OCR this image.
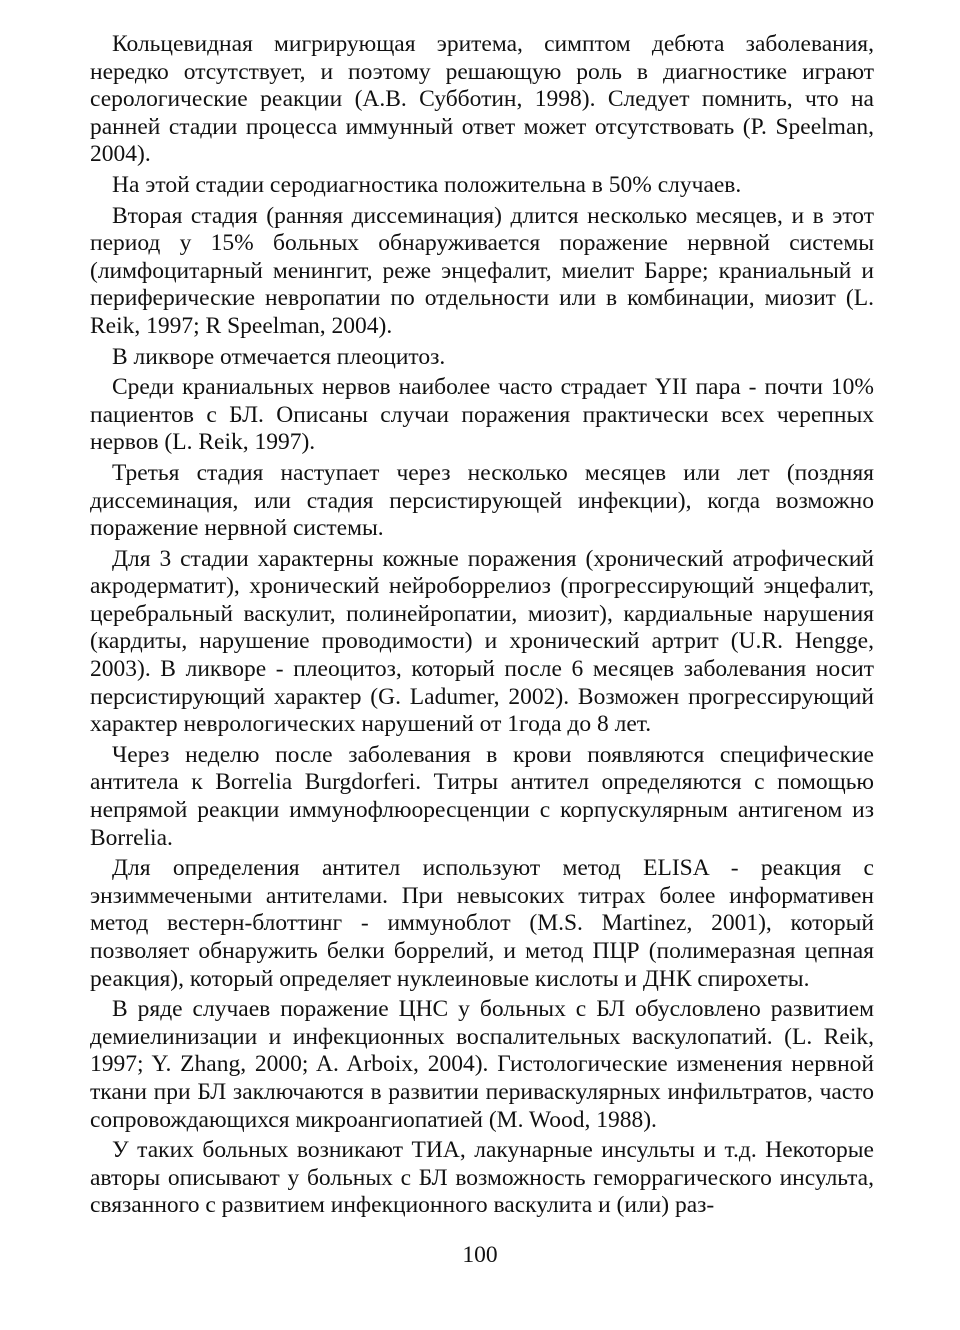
Кольцевидная мигрирующая эритема, симптом дебюта заболевания, нередко отсутствует, и поэтому решающую роль в диагностике играют серологические реакции (А.В. Субботин, 1998). Следует помнить, что на ранней стадии процесса иммунный ответ может отсутствовать (P. Speelman, 2004).

На этой стадии серодиагностика положительна в 50% случаев.

Вторая стадия (ранняя диссеминация) длится несколько месяцев, и в этот период у 15% больных обнаруживается поражение нервной системы (лимфоцитарный менингит, реже энцефалит, миелит Барре; краниальный и периферические невропатии по отдельности или в комбинации, миозит (L. Reik, 1997; R Speelman, 2004).

В ликворе отмечается плеоцитоз.

Среди краниальных нервов наиболее часто страдает YII пара - почти 10% пациентов с БЛ. Описаны случаи поражения практически всех черепных нервов (L. Reik, 1997).

Третья стадия наступает через несколько месяцев или лет (поздняя диссеминация, или стадия персистирующей инфекции), когда возможно поражение нервной системы.

Для 3 стадии характерны кожные поражения (хронический атрофический акродерматит), хронический нейроборрелиоз (прогрессирующий энцефалит, церебральный васкулит, полинейропатии, миозит), кардиальные нарушения (кардиты, нарушение проводимости) и хронический артрит (U.R. Hengge, 2003). В ликворе - плеоцитоз, который после 6 месяцев заболевания носит персистирующий характер (G. Ladumer, 2002). Возможен прогрессирующий характер неврологических нарушений от 1года до 8 лет.

Через неделю после заболевания в крови появляются специфические антитела к Borrelia Burgdorferi. Титры антител определяются с помощью непрямой реакции иммунофлюоресценции с корпускулярным антигеном из Borrelia.

Для определения антител используют метод ELISA - реакция с энзиммечеными антителами. При невысоких титрах более информативен метод вестерн-блоттинг - иммуноблот (M.S. Martinez, 2001), который позволяет обнаружить белки боррелий, и метод ПЦР (полимеразная цепная реакция), который определяет нуклеиновые кислоты и ДНК спирохеты.

В ряде случаев поражение ЦНС у больных с БЛ обусловлено развитием демиелинизации и инфекционных воспалительных васкулопатий. (L. Reik, 1997; Y. Zhang, 2000; A. Arboix, 2004). Гистологические изменения нервной ткани при БЛ заключаются в развитии периваскулярных инфильтратов, часто сопровождающихся микроангиопатией (M. Wood, 1988).

У таких больных возникают ТИА, лакунарные инсульты и т.д. Некоторые авторы описывают у больных с БЛ возможность геморрагического инсульта, связанного с развитием инфекционного васкулита и (или) раз-

100
